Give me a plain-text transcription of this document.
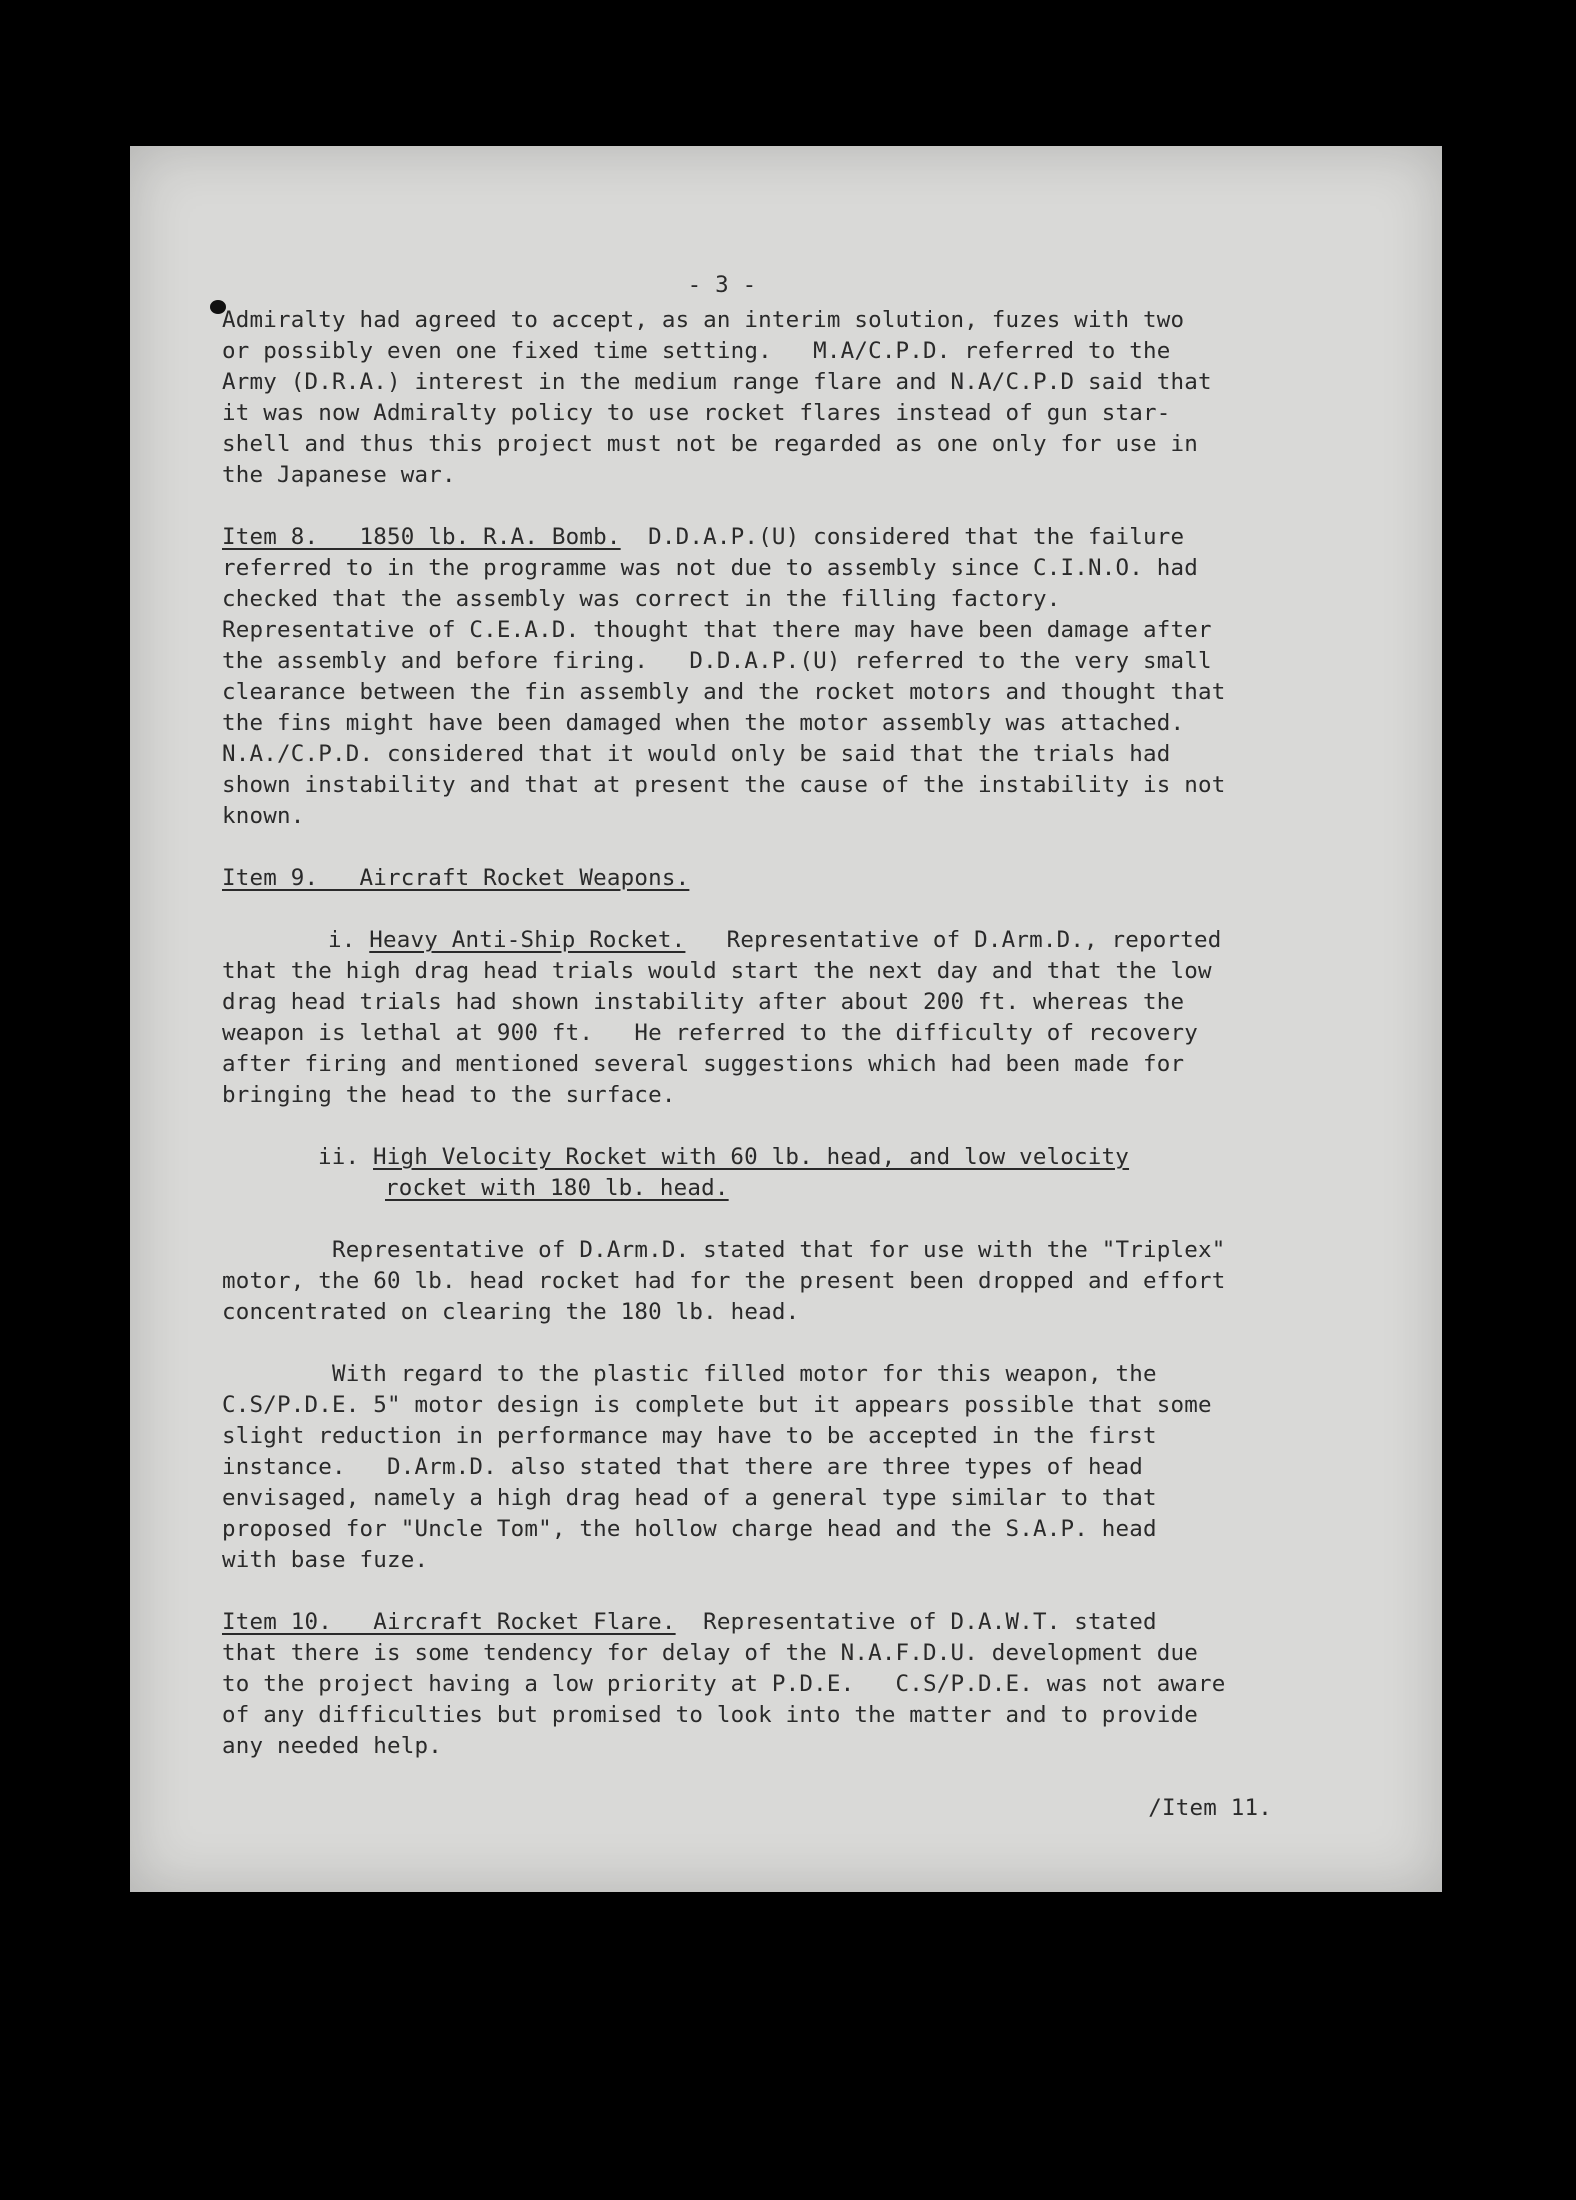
- 3 -
Admiralty had agreed to accept, as an interim solution, fuzes with two
or possibly even one fixed time setting.   M.A/C.P.D. referred to the
Army (D.R.A.) interest in the medium range flare and N.A/C.P.D said that
it was now Admiralty policy to use rocket flares instead of gun star-
shell and thus this project must not be regarded as one only for use in
the Japanese war.
Item 8.   1850 lb. R.A. Bomb.  D.D.A.P.(U) considered that the failure
referred to in the programme was not due to assembly since C.I.N.O. had
checked that the assembly was correct in the filling factory.
Representative of C.E.A.D. thought that there may have been damage after
the assembly and before firing.   D.D.A.P.(U) referred to the very small
clearance between the fin assembly and the rocket motors and thought that
the fins might have been damaged when the motor assembly was attached.
N.A./C.P.D. considered that it would only be said that the trials had
shown instability and that at present the cause of the instability is not
known.
Item 9.   Aircraft Rocket Weapons.
i. Heavy Anti-Ship Rocket.   Representative of D.Arm.D., reported
that the high drag head trials would start the next day and that the low
drag head trials had shown instability after about 200 ft. whereas the
weapon is lethal at 900 ft.   He referred to the difficulty of recovery
after firing and mentioned several suggestions which had been made for
bringing the head to the surface.
ii. High Velocity Rocket with 60 lb. head, and low velocity
rocket with 180 lb. head.
Representative of D.Arm.D. stated that for use with the "Triplex"
motor, the 60 lb. head rocket had for the present been dropped and effort
concentrated on clearing the 180 lb. head.
With regard to the plastic filled motor for this weapon, the
C.S/P.D.E. 5" motor design is complete but it appears possible that some
slight reduction in performance may have to be accepted in the first
instance.   D.Arm.D. also stated that there are three types of head
envisaged, namely a high drag head of a general type similar to that
proposed for "Uncle Tom", the hollow charge head and the S.A.P. head
with base fuze.
Item 10.   Aircraft Rocket Flare.  Representative of D.A.W.T. stated
that there is some tendency for delay of the N.A.F.D.U. development due
to the project having a low priority at P.D.E.   C.S/P.D.E. was not aware
of any difficulties but promised to look into the matter and to provide
any needed help.
/Item 11.
